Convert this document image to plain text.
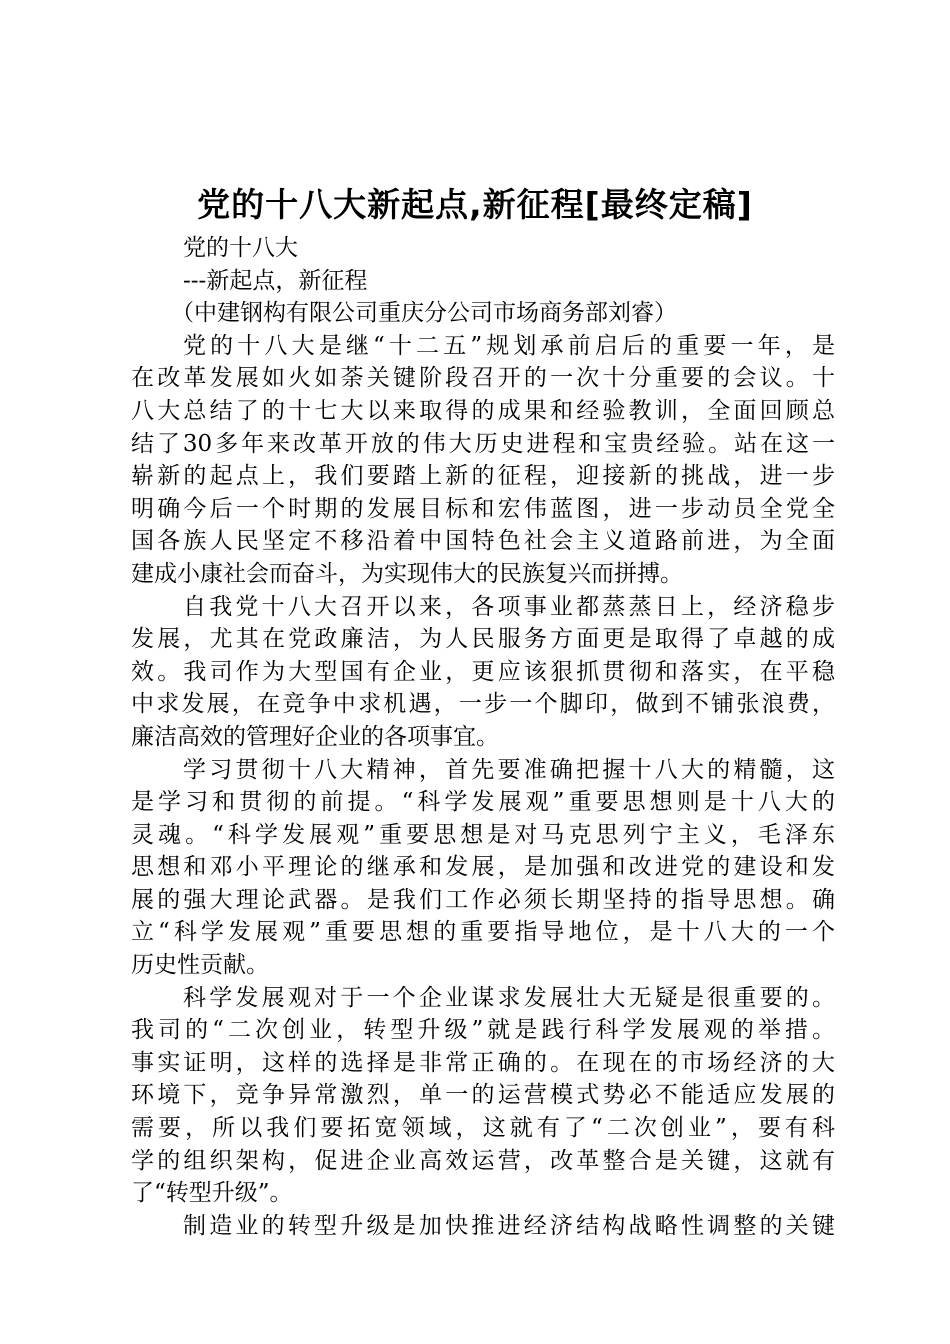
党的十八大新起点,新征程[最终定稿]
党的十八大
---新起点，新征程
（中建钢构有限公司重庆分公司市场商务部刘睿）
党的十八大是继“十二五”规划承前启后的重要一年，是
在改革发展如火如荼关键阶段召开的一次十分重要的会议。十
八大总结了的十七大以来取得的成果和经验教训，全面回顾总
结了30多年来改革开放的伟大历史进程和宝贵经验。站在这一
崭新的起点上，我们要踏上新的征程，迎接新的挑战，进一步
明确今后一个时期的发展目标和宏伟蓝图，进一步动员全党全
国各族人民坚定不移沿着中国特色社会主义道路前进，为全面
建成小康社会而奋斗，为实现伟大的民族复兴而拼搏。
自我党十八大召开以来，各项事业都蒸蒸日上，经济稳步
发展，尤其在党政廉洁，为人民服务方面更是取得了卓越的成
效。我司作为大型国有企业，更应该狠抓贯彻和落实，在平稳
中求发展，在竞争中求机遇，一步一个脚印，做到不铺张浪费，
廉洁高效的管理好企业的各项事宜。
学习贯彻十八大精神，首先要准确把握十八大的精髓，这
是学习和贯彻的前提。“科学发展观”重要思想则是十八大的
灵魂。“科学发展观”重要思想是对马克思列宁主义，毛泽东
思想和邓小平理论的继承和发展，是加强和改进党的建设和发
展的强大理论武器。是我们工作必须长期坚持的指导思想。确
立“科学发展观”重要思想的重要指导地位，是十八大的一个
历史性贡献。
科学发展观对于一个企业谋求发展壮大无疑是很重要的。
我司的“二次创业，转型升级”就是践行科学发展观的举措。
事实证明，这样的选择是非常正确的。在现在的市场经济的大
环境下，竞争异常激烈，单一的运营模式势必不能适应发展的
需要，所以我们要拓宽领域，这就有了“二次创业”，要有科
学的组织架构，促进企业高效运营，改革整合是关键，这就有
了“转型升级”。
制造业的转型升级是加快推进经济结构战略性调整的关键
